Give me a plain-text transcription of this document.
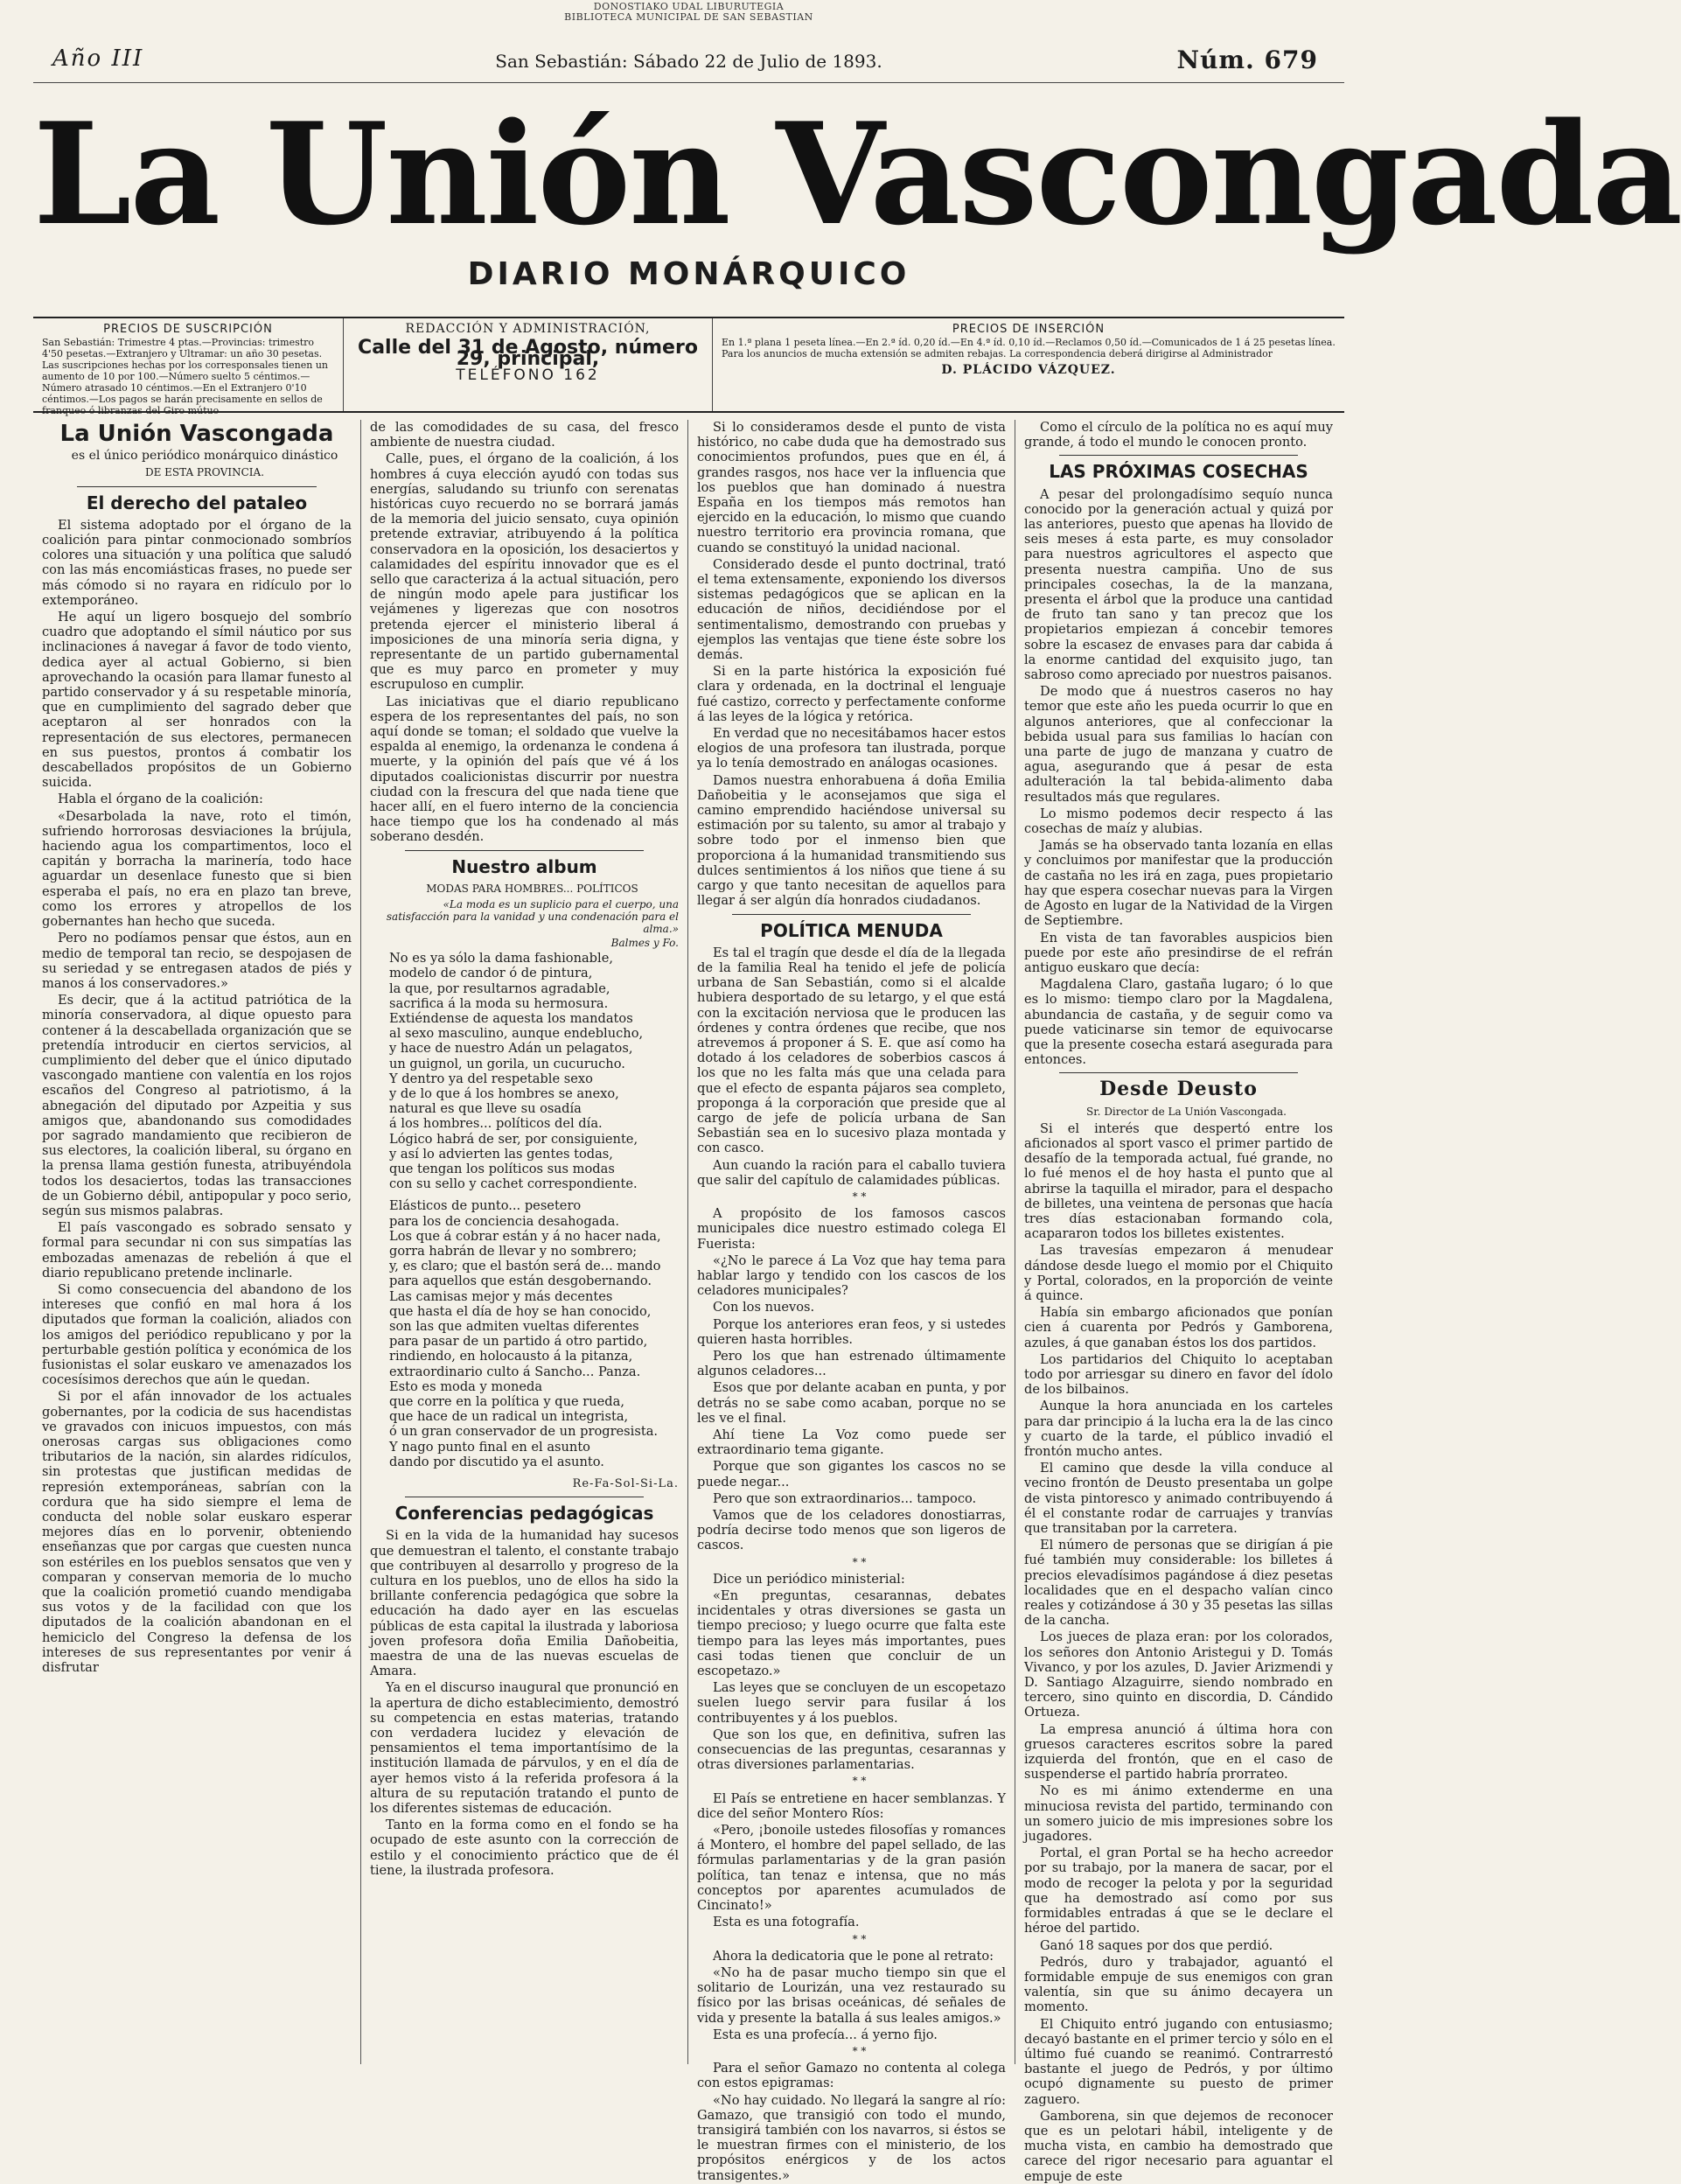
DONOSTIAKO UDAL LIBURUTEGIA
BIBLIOTECA MUNICIPAL DE SAN SEBASTIAN
Año III	San Sebastián: Sábado 22 de Julio de 1893.	Núm. 679
La Unión Vascongada
DIARIO MONÁRQUICO
PRECIOS DE SUSCRIPCIÓN
San Sebastián: Trimestre 4 ptas.—Provincias: trimestro 4'50 pesetas.—Extranjero y Ultramar: un año 30 pesetas. Las suscripciones hechas por los corresponsales tienen un aumento de 10 por 100.—Número suelto 5 céntimos.—Número atrasado 10 céntimos.—En el Extranjero 0'10 céntimos.—Los pagos se harán precisamente en sellos de franqueo ó libranzas del Giro mútuo
REDACCIÓN Y ADMINISTRACIÓN,
Calle del 31 de Agosto, número 29, principal,
TELÉFONO 162
PRECIOS DE INSERCIÓN
En 1.ª plana 1 peseta línea.—En 2.ª íd. 0,20 íd.—En 4.ª íd. 0,10 íd.—Reclamos 0,50 íd.—Comunicados de 1 á 25 pesetas línea. Para los anuncios de mucha extensión se admiten rebajas. La correspondencia deberá dirigirse al Administrador
D. PLÁCIDO VÁZQUEZ.
La Unión Vascongada

es el único periódico monárquico dinástico

DE ESTA PROVINCIA.

El derecho del pataleo

El sistema adoptado por el órgano de la coalición para pintar conmocionado sombríos colores una situación y una política que saludó con las más encomiásticas frases, no puede ser más cómodo si no rayara en ridículo por lo extemporáneo.

He aquí un ligero bosquejo del sombrío cuadro que adoptando el símil náutico por sus inclinaciones á navegar á favor de todo viento, dedica ayer al actual Gobierno, si bien aprovechando la ocasión para llamar funesto al partido conservador y á su respetable minoría, que en cumplimiento del sagrado deber que aceptaron al ser honrados con la representación de sus electores, permanecen en sus puestos, prontos á combatir los descabellados propósitos de un Gobierno suicida.

Habla el órgano de la coalición:

«Desarbolada la nave, roto el timón, sufriendo horrorosas desviaciones la brújula, haciendo agua los compartimentos, loco el capitán y borracha la marinería, todo hace aguardar un desenlace funesto que si bien esperaba el país, no era en plazo tan breve, como los errores y atropellos de los gobernantes han hecho que suceda.

Pero no podíamos pensar que éstos, aun en medio de temporal tan recio, se despojasen de su seriedad y se entregasen atados de piés y manos á los conservadores.»

Es decir, que á la actitud patriótica de la minoría conservadora, al dique opuesto para contener á la descabellada organización que se pretendía introducir en ciertos servicios, al cumplimiento del deber que el único diputado vascongado mantiene con valentía en los rojos escaños del Congreso al patriotismo, á la abnegación del diputado por Azpeitia y sus amigos que, abandonando sus comodidades por sagrado mandamiento que recibieron de sus electores, la coalición liberal, su órgano en la prensa llama gestión funesta, atribuyéndola todos los desaciertos, todas las transacciones de un Gobierno débil, antipopular y poco serio, según sus mismos palabras.

El país vascongado es sobrado sensato y formal para secundar ni con sus simpatías las embozadas amenazas de rebelión á que el diario republicano pretende inclinarle.

Si como consecuencia del abandono de los intereses que confió en mal hora á los diputados que forman la coalición, aliados con los amigos del periódico republicano y por la perturbable gestión política y económica de los fusionistas el solar euskaro ve amenazados los cocesísimos derechos que aún le quedan.

Si por el afán innovador de los actuales gobernantes, por la codicia de sus hacendistas ve gravados con inicuos impuestos, con más onerosas cargas sus obligaciones como tributarios de la nación, sin alardes ridículos, sin protestas que justifican medidas de represión extemporáneas, sabrían con la cordura que ha sido siempre el lema de conducta del noble solar euskaro esperar mejores días en lo porvenir, obteniendo enseñanzas que por cargas que cuesten nunca son estériles en los pueblos sensatos que ven y comparan y conservan memoria de lo mucho que la coalición prometió cuando mendigaba sus votos y de la facilidad con que los diputados de la coalición abandonan en el hemiciclo del Congreso la defensa de los intereses de sus representantes por venir á disfrutar

de las comodidades de su casa, del fresco ambiente de nuestra ciudad.

Calle, pues, el órgano de la coalición, á los hombres á cuya elección ayudó con todas sus energías, saludando su triunfo con serenatas históricas cuyo recuerdo no se borrará jamás de la memoria del juicio sensato, cuya opinión pretende extraviar, atribuyendo á la política conservadora en la oposición, los desaciertos y calamidades del espíritu innovador que es el sello que caracteriza á la actual situación, pero de ningún modo apele para justificar los vejámenes y ligerezas que con nosotros pretenda ejercer el ministerio liberal á imposiciones de una minoría seria digna, y representante de un partido gubernamental que es muy parco en prometer y muy escrupuloso en cumplir.

Las iniciativas que el diario republicano espera de los representantes del país, no son aquí donde se toman; el soldado que vuelve la espalda al enemigo, la ordenanza le condena á muerte, y la opinión del país que vé á los diputados coalicionistas discurrir por nuestra ciudad con la frescura del que nada tiene que hacer allí, en el fuero interno de la conciencia hace tiempo que los ha condenado al más soberano desdén.

Nuestro album

MODAS PARA HOMBRES... POLÍTICOS

«La moda es un suplicio para el cuerpo, una satisfacción para la vanidad y una condenación para el alma.»

Balmes y Fo.

No es ya sólo la dama fashionable,

modelo de candor ó de pintura,

la que, por resultarnos agradable,

sacrifica á la moda su hermosura.

Extiéndense de aquesta los mandatos

al sexo masculino, aunque endeblucho,

y hace de nuestro Adán un pelagatos,

un guignol, un gorila, un cucurucho.

Y dentro ya del respetable sexo

y de lo que á los hombres se anexo,

natural es que lleve su osadía

á los hombres... políticos del día.

Lógico habrá de ser, por consiguiente,

y así lo advierten las gentes todas,

que tengan los políticos sus modas

con su sello y cachet correspondiente.

Elásticos de punto... pesetero

para los de conciencia desahogada.

Los que á cobrar están y á no hacer nada,

gorra habrán de llevar y no sombrero;

y, es claro; que el bastón será de... mando

para aquellos que están desgobernando.

Las camisas mejor y más decentes

que hasta el día de hoy se han conocido,

son las que admiten vueltas diferentes

para pasar de un partido á otro partido,

rindiendo, en holocausto á la pitanza,

extraordinario culto á Sancho... Panza.

Esto es moda y moneda

que corre en la política y que rueda,

que hace de un radical un integrista,

ó un gran conservador de un progresista.

Y nago punto final en el asunto

dando por discutido ya el asunto.

Re-Fa-Sol-Si-La.

Conferencias pedagógicas

Si en la vida de la humanidad hay sucesos que demuestran el talento, el constante trabajo que contribuyen al desarrollo y progreso de la cultura en los pueblos, uno de ellos ha sido la brillante conferencia pedagógica que sobre la educación ha dado ayer en las escuelas públicas de esta capital la ilustrada y laboriosa joven profesora doña Emilia Dañobeitia, maestra de una de las nuevas escuelas de Amara.

Ya en el discurso inaugural que pronunció en la apertura de dicho establecimiento, demostró su competencia en estas materias, tratando con verdadera lucidez y elevación de pensamientos el tema importantísimo de la institución llamada de párvulos, y en el día de ayer hemos visto á la referida profesora á la altura de su reputación tratando el punto de los diferentes sistemas de educación.

Tanto en la forma como en el fondo se ha ocupado de este asunto con la corrección de estilo y el conocimiento práctico que de él tiene, la ilustrada profesora.

Si lo consideramos desde el punto de vista histórico, no cabe duda que ha demostrado sus conocimientos profundos, pues que en él, á grandes rasgos, nos hace ver la influencia que los pueblos que han dominado á nuestra España en los tiempos más remotos han ejercido en la educación, lo mismo que cuando nuestro territorio era provincia romana, que cuando se constituyó la unidad nacional.

Considerado desde el punto doctrinal, trató el tema extensamente, exponiendo los diversos sistemas pedagógicos que se aplican en la educación de niños, decidiéndose por el sentimentalismo, demostrando con pruebas y ejemplos las ventajas que tiene éste sobre los demás.

Si en la parte histórica la exposición fué clara y ordenada, en la doctrinal el lenguaje fué castizo, correcto y perfectamente conforme á las leyes de la lógica y retórica.

En verdad que no necesitábamos hacer estos elogios de una profesora tan ilustrada, porque ya lo tenía demostrado en análogas ocasiones.

Damos nuestra enhorabuena á doña Emilia Dañobeitia y le aconsejamos que siga el camino emprendido haciéndose universal su estimación por su talento, su amor al trabajo y sobre todo por el inmenso bien que proporciona á la humanidad transmitiendo sus dulces sentimientos á los niños que tiene á su cargo y que tanto necesitan de aquellos para llegar á ser algún día honrados ciudadanos.

POLÍTICA MENUDA

Es tal el tragín que desde el día de la llegada de la familia Real ha tenido el jefe de policía urbana de San Sebastián, como si el alcalde hubiera desportado de su letargo, y el que está con la excitación nerviosa que le producen las órdenes y contra órdenes que recibe, que nos atrevemos á proponer á S. E. que así como ha dotado á los celadores de soberbios cascos á los que no les falta más que una celada para que el efecto de espanta pájaros sea completo, proponga á la corporación que preside que al cargo de jefe de policía urbana de San Sebastián sea en lo sucesivo plaza montada y con casco.

Aun cuando la ración para el caballo tuviera que salir del capítulo de calamidades públicas.

* *

A propósito de los famosos cascos municipales dice nuestro estimado colega El Fuerista:

«¿No le parece á La Voz que hay tema para hablar largo y tendido con los cascos de los celadores municipales?

Con los nuevos.

Porque los anteriores eran feos, y si ustedes quieren hasta horribles.

Pero los que han estrenado últimamente algunos celadores...

Esos que por delante acaban en punta, y por detrás no se sabe como acaban, porque no se les ve el final.

Ahí tiene La Voz como puede ser extraordinario tema gigante.

Porque que son gigantes los cascos no se puede negar...

Pero que son extraordinarios... tampoco.

Vamos que de los celadores donostiarras, podría decirse todo menos que son ligeros de cascos.

* *

Dice un periódico ministerial:

«En preguntas, cesarannas, debates incidentales y otras diversiones se gasta un tiempo precioso; y luego ocurre que falta este tiempo para las leyes más importantes, pues casi todas tienen que concluir de un escopetazo.»

Las leyes que se concluyen de un escopetazo suelen luego servir para fusilar á los contribuyentes y á los pueblos.

Que son los que, en definitiva, sufren las consecuencias de las preguntas, cesarannas y otras diversiones parlamentarias.

* *

El País se entretiene en hacer semblanzas. Y dice del señor Montero Ríos:

«Pero, ¡bonoile ustedes filosofías y romances á Montero, el hombre del papel sellado, de las fórmulas parlamentarias y de la gran pasión política, tan tenaz e intensa, que no más conceptos por aparentes acumulados de Cincinato!»

Esta es una fotografía.

* *

Ahora la dedicatoria que le pone al retrato:

«No ha de pasar mucho tiempo sin que el solitario de Lourizán, una vez restaurado su físico por las brisas oceánicas, dé señales de vida y presente la batalla á sus leales amigos.»

Esta es una profecía... á yerno fijo.

* *

Para el señor Gamazo no contenta al colega con estos epigramas:

«No hay cuidado. No llegará la sangre al río: Gamazo, que transigió con todo el mundo, transigirá también con los navarros, si éstos se le muestran firmes con el ministerio, de los propósitos enérgicos y de los actos transigentes.»

Como el círculo de la política no es aquí muy grande, á todo el mundo le conocen pronto.

LAS PRÓXIMAS COSECHAS

A pesar del prolongadísimo sequío nunca conocido por la generación actual y quizá por las anteriores, puesto que apenas ha llovido de seis meses á esta parte, es muy consolador para nuestros agricultores el aspecto que presenta nuestra campiña. Uno de sus principales cosechas, la de la manzana, presenta el árbol que la produce una cantidad de fruto tan sano y tan precoz que los propietarios empiezan á concebir temores sobre la escasez de envases para dar cabida á la enorme cantidad del exquisito jugo, tan sabroso como apreciado por nuestros paisanos.

De modo que á nuestros caseros no hay temor que este año les pueda ocurrir lo que en algunos anteriores, que al confeccionar la bebida usual para sus familias lo hacían con una parte de jugo de manzana y cuatro de agua, asegurando que á pesar de esta adulteración la tal bebida-alimento daba resultados más que regulares.

Lo mismo podemos decir respecto á las cosechas de maíz y alubias.

Jamás se ha observado tanta lozanía en ellas y concluimos por manifestar que la producción de castaña no les irá en zaga, pues propietario hay que espera cosechar nuevas para la Virgen de Agosto en lugar de la Natividad de la Virgen de Septiembre.

En vista de tan favorables auspicios bien puede por este año presindirse de el refrán antiguo euskaro que decía:

Magdalena Claro, gastaña lugaro; ó lo que es lo mismo: tiempo claro por la Magdalena, abundancia de castaña, y de seguir como va puede vaticinarse sin temor de equivocarse que la presente cosecha estará asegurada para entonces.

Desde Deusto

Sr. Director de La Unión Vascongada.

Si el interés que despertó entre los aficionados al sport vasco el primer partido de desafío de la temporada actual, fué grande, no lo fué menos el de hoy hasta el punto que al abrirse la taquilla el mirador, para el despacho de billetes, una veintena de personas que hacía tres días estacionaban formando cola, acapararon todos los billetes existentes.

Las travesías empezaron á menudear dándose desde luego el momio por el Chiquito y Portal, colorados, en la proporción de veinte á quince.

Había sin embargo aficionados que ponían cien á cuarenta por Pedrós y Gamborena, azules, á que ganaban éstos los dos partidos.

Los partidarios del Chiquito lo aceptaban todo por arriesgar su dinero en favor del ídolo de los bilbainos.

Aunque la hora anunciada en los carteles para dar principio á la lucha era la de las cinco y cuarto de la tarde, el público invadió el frontón mucho antes.

El camino que desde la villa conduce al vecino frontón de Deusto presentaba un golpe de vista pintoresco y animado contribuyendo á él el constante rodar de carruajes y tranvías que transitaban por la carretera.

El número de personas que se dirigían á pie fué también muy considerable: los billetes á precios elevadísimos pagándose á diez pesetas localidades que en el despacho valían cinco reales y cotizándose á 30 y 35 pesetas las sillas de la cancha.

Los jueces de plaza eran: por los colorados, los señores don Antonio Aristegui y D. Tomás Vivanco, y por los azules, D. Javier Arizmendi y D. Santiago Alzaguirre, siendo nombrado en tercero, sino quinto en discordia, D. Cándido Ortueza.

La empresa anunció á última hora con gruesos caracteres escritos sobre la pared izquierda del frontón, que en el caso de suspenderse el partido habría prorrateo.

No es mi ánimo extenderme en una minuciosa revista del partido, terminando con un somero juicio de mis impresiones sobre los jugadores.

Portal, el gran Portal se ha hecho acreedor por su trabajo, por la manera de sacar, por el modo de recoger la pelota y por la seguridad que ha demostrado así como por sus formidables entradas á que se le declare el héroe del partido.

Ganó 18 saques por dos que perdió.

Pedrós, duro y trabajador, aguantó el formidable empuje de sus enemigos con gran valentía, sin que su ánimo decayera un momento.

El Chiquito entró jugando con entusiasmo; decayó bastante en el primer tercio y sólo en el último fué cuando se reanimó. Contrarrestó bastante el juego de Pedrós, y por último ocupó dignamente su puesto de primer zaguero.

Gamborena, sin que dejemos de reconocer que es un pelotari hábil, inteligente y de mucha vista, en cambio ha demostrado que carece del rigor necesario para aguantar el empuje de este
